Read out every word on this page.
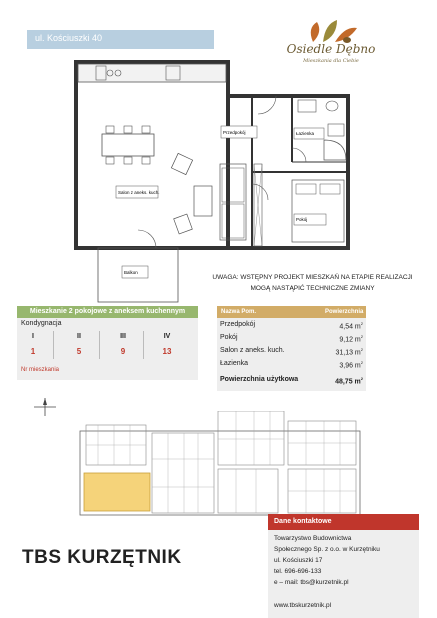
ul. Kościuszki 40
Osiedle Dębno
Mieszkania dla Ciebie
Salon z aneks. kuch.
Przedpokój	Łazienka
Pokój
Balkon
UWAGA: WSTĘPNY PROJEKT MIESZKAŃ NA ETAPIE REALIZACJI
MOGĄ NASTĄPIĆ TECHNICZNE ZMIANY
Mieszkanie 2 pokojowe z aneksem kuchennym
Kondygnacja
I	II	III	IV
1	5	9	13
Nr mieszkania
Nazwa Pom.	Powierzchnia
Przedpokój	4,54 $m^2$
Pokój	9,12 $m^2$
Salon z aneks. kuch.	31,13 $m^2$
Łazienka	3,96 $m^2$
Powierzchnia użytkowa	48,75 $m^2$
Dane kontaktowe
Towarzystwo Budownictwa
Społecznego Sp. z o.o. w Kurzętniku
ul. Kościuszki 17
tel. 696-696-133
e – mail: tbs@kurzetnik.pl
www.tbskurzetnik.pl
TBS KURZĘTNIK
